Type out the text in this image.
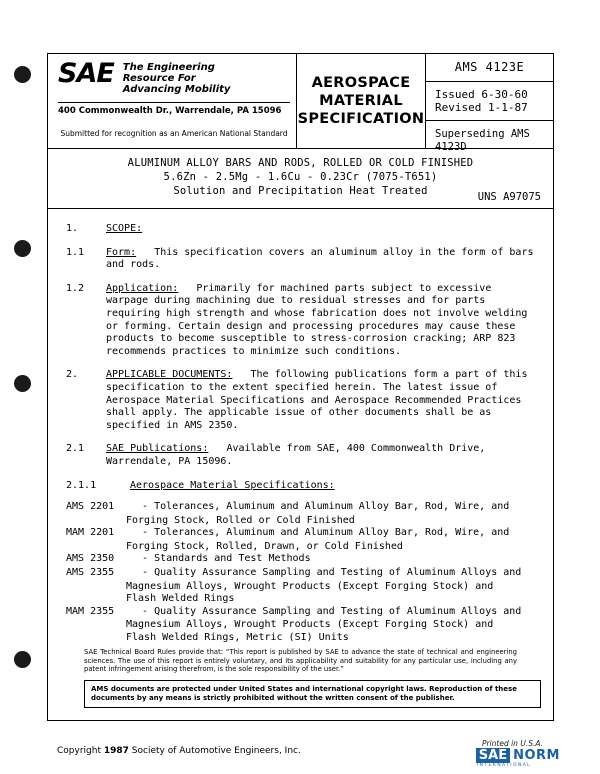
SAE The Engineering
Resource For
Advancing Mobility
400 Commonwealth Dr., Warrendale, PA 15096
Submitted for recognition as an American National Standard
AEROSPACE
MATERIAL
SPECIFICATION
AMS 4123E
Issued 6-30-60
Revised 1-1-87
Superseding AMS 4123D
ALUMINUM ALLOY BARS AND RODS, ROLLED OR COLD FINISHED
5.6Zn - 2.5Mg - 1.6Cu - 0.23Cr (7075-T651)
Solution and Precipitation Heat Treated	UNS A97075
1.	SCOPE:
1.1	Form: This specification covers an aluminum alloy in the form of bars and rods.
1.2	Application: Primarily for machined parts subject to excessive warpage during machining due to residual stresses and for parts requiring high strength and whose fabrication does not involve welding or forming. Certain design and processing procedures may cause these products to become susceptible to stress-corrosion cracking; ARP 823 recommends practices to minimize such conditions.
2.	APPLICABLE DOCUMENTS: The following publications form a part of this specification to the extent specified herein. The latest issue of Aerospace Material Specifications and Aerospace Recommended Practices shall apply. The applicable issue of other documents shall be as specified in AMS 2350.
2.1	SAE Publications: Available from SAE, 400 Commonwealth Drive, Warrendale, PA 15096.
2.1.1	Aerospace Material Specifications:
AMS 2201	- Tolerances, Aluminum and Aluminum Alloy Bar, Rod, Wire, and
Forging Stock, Rolled or Cold Finished
MAM 2201	- Tolerances, Aluminum and Aluminum Alloy Bar, Rod, Wire, and
Forging Stock, Rolled, Drawn, or Cold Finished
AMS 2350	- Standards and Test Methods
AMS 2355	- Quality Assurance Sampling and Testing of Aluminum Alloys and
Magnesium Alloys, Wrought Products (Except Forging Stock) and
Flash Welded Rings
MAM 2355	- Quality Assurance Sampling and Testing of Aluminum Alloys and
Magnesium Alloys, Wrought Products (Except Forging Stock) and
Flash Welded Rings, Metric (SI) Units
SAE Technical Board Rules provide that: “This report is published by SAE to advance the state of technical and engineering sciences. The use of this report is entirely voluntary, and its applicability and suitability for any particular use, including any patent infringement arising therefrom, is the sole responsibility of the user.”
AMS documents are protected under United States and international copyright laws. Reproduction of these documents by any means is strictly prohibited without the written consent of the publisher.
Copyright 1987 Society of Automotive Engineers, Inc.
Printed in U.S.A.
SAE NORM
INTERNATIONAL
